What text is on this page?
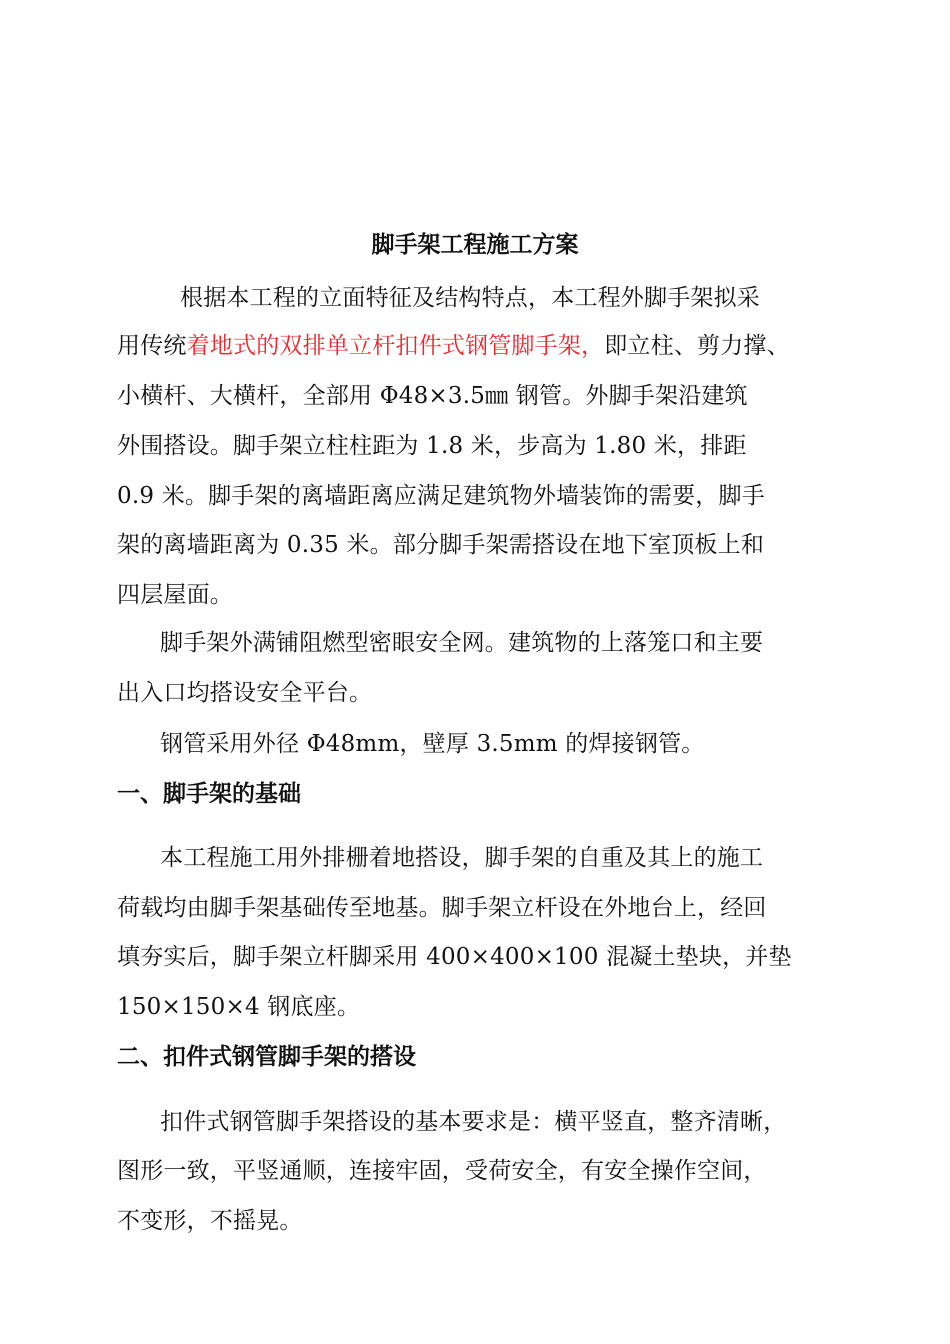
脚手架工程施工方案
根据本工程的立面特征及结构特点，本工程外脚手架拟采
用传统着地式的双排单立杆扣件式钢管脚手架，即立柱、剪力撑、
小横杆、大横杆，全部用 Φ48×3.5㎜ 钢管。外脚手架沿建筑
外围搭设。脚手架立柱柱距为 1.8 米，步高为 1.80 米，排距
0.9 米。脚手架的离墙距离应满足建筑物外墙装饰的需要，脚手
架的离墙距离为 0.35 米。部分脚手架需搭设在地下室顶板上和
四层屋面。
脚手架外满铺阻燃型密眼安全网。建筑物的上落笼口和主要
出入口均搭设安全平台。
钢管采用外径 Φ48mm，壁厚 3.5mm 的焊接钢管。
一、脚手架的基础
本工程施工用外排栅着地搭设，脚手架的自重及其上的施工
荷载均由脚手架基础传至地基。脚手架立杆设在外地台上，经回
填夯实后，脚手架立杆脚采用 400×400×100 混凝土垫块，并垫
150×150×4 钢底座。
二、扣件式钢管脚手架的搭设
扣件式钢管脚手架搭设的基本要求是：横平竖直，整齐清晰，
图形一致，平竖通顺，连接牢固，受荷安全，有安全操作空间，
不变形，不摇晃。
